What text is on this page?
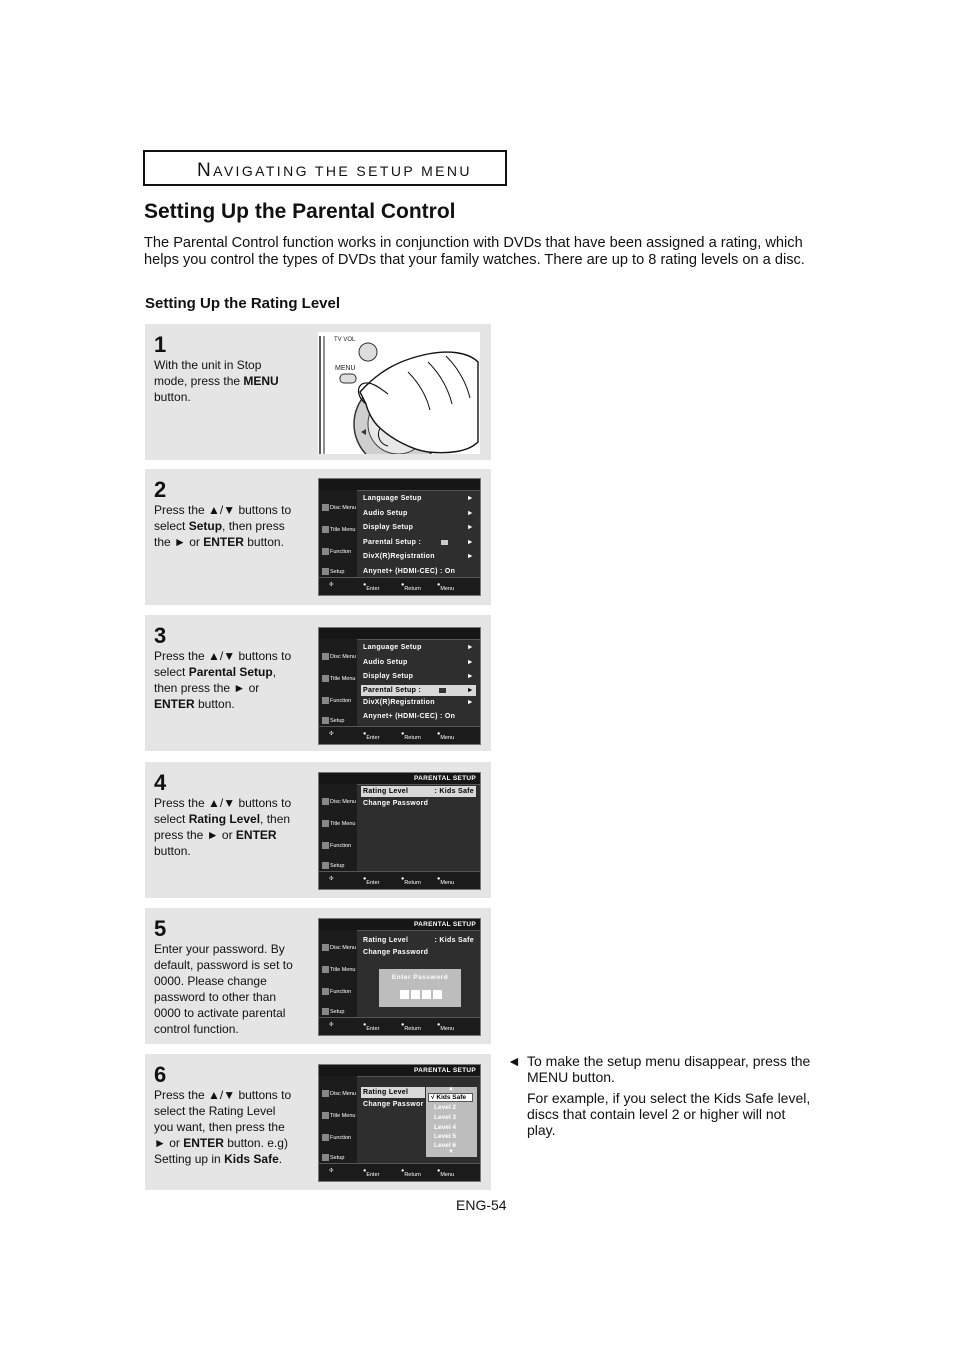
NAVIGATING THE SETUP MENU
Setting Up the Parental Control
The Parental Control function works in conjunction with DVDs that have been assigned a rating, which helps you control the types of DVDs that your family watches. There are up to 8 rating levels on a disc.
Setting Up the Rating Level
1
With the unit in Stop mode, press the MENU button.
TV VOL
MENU
2
Press the ▲/▼ buttons to select Setup, then press the ► or ENTER button.
Disc Menu
Title Menu
Function
Setup
Language Setup	►
Audio Setup	►
Display Setup	►
Parental Setup :	►
DivX(R)Registration	►
Anynet+ (HDMI-CEC) : On
✣	●
Enter
●
Return
●
Menu
3
Press the ▲/▼ buttons to select Parental Setup, then press the ► or ENTER button.
Disc Menu
Title Menu
Function
Setup
Language Setup	►
Audio Setup	►
Display Setup	►
Parental Setup :	►
DivX(R)Registration	►
Anynet+ (HDMI-CEC) : On
✣	●
Enter
●
Return
●
Menu
4
Press the ▲/▼ buttons to select Rating Level, then press the ► or ENTER button.
PARENTAL SETUP
Disc Menu
Title Menu
Function
Setup
Rating Level	: Kids Safe
Change Password
✣	●
Enter
●
Return
●
Menu
5
Enter your password. By default, password is set to 0000. Please change password to other than 0000 to activate parental control function.
PARENTAL SETUP
Disc Menu
Title Menu
Function
Setup
Rating Level	: Kids Safe
Change Password
Enter Password
✣	●
Enter
●
Return
●
Menu
6
Press the ▲/▼ buttons to select the Rating Level you want, then press the ► or ENTER button. e.g) Setting up in Kids Safe.
PARENTAL SETUP
Disc Menu
Title Menu
Function
Setup
Rating Level
Change Passwor
▲
√ Kids Safe
Level 2
Level 3
Level 4
Level 5
Level 6
▼
✣	●
Enter
●
Return
●
Menu
◄ To make the setup menu disappear, press the MENU button.

For example, if you select the Kids Safe level, discs that contain level 2 or higher will not play.

ENG-54
